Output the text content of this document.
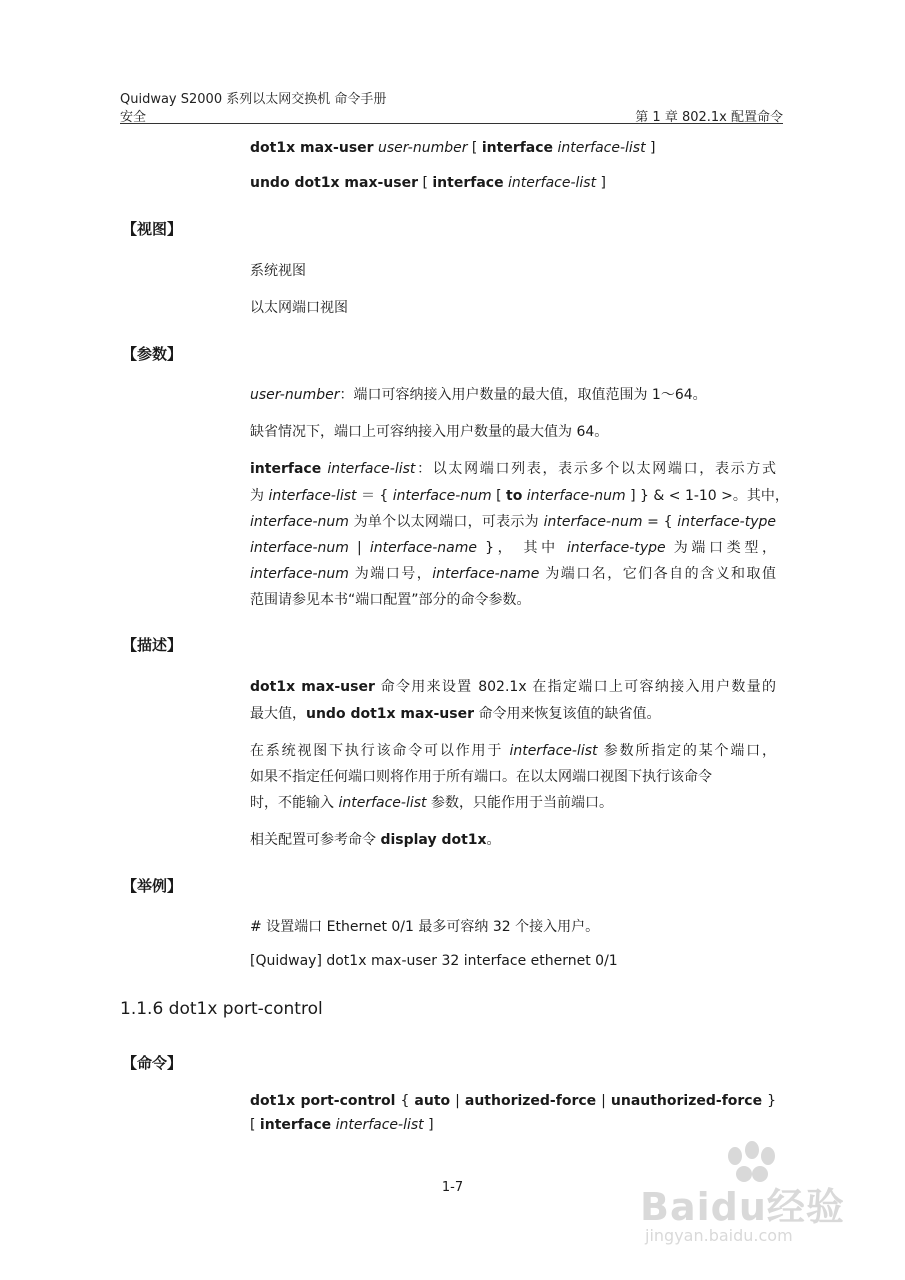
Quidway S2000 系列以太网交换机 命令手册
安全	第 1 章 802.1x 配置命令
dot1x max-user user-number [ interface interface-list ]
undo dot1x max-user [ interface interface-list ]
【视图】
系统视图
以太网端口视图
【参数】
user-number：端口可容纳接入用户数量的最大值，取值范围为 1～64。
缺省情况下，端口上可容纳接入用户数量的最大值为 64。
interface interface-list：以太网端口列表，表示多个以太网端口，表示方式
为 interface-list ＝ { interface-num [ to interface-num ] } & < 1-10 >。其中，
interface-num 为单个以太网端口，可表示为 interface-num = { interface-type
interface-num | interface-name }， 其中 interface-type 为端口类型，
interface-num 为端口号，interface-name 为端口名，它们各自的含义和取值
范围请参见本书“端口配置”部分的命令参数。
【描述】
dot1x max-user 命令用来设置 802.1x 在指定端口上可容纳接入用户数量的
最大值，undo dot1x max-user 命令用来恢复该值的缺省值。
在系统视图下执行该命令可以作用于 interface-list 参数所指定的某个端口，
如果不指定任何端口则将作用于所有端口。在以太网端口视图下执行该命令
时，不能输入 interface-list 参数，只能作用于当前端口。
相关配置可参考命令 display dot1x。
【举例】
# 设置端口 Ethernet 0/1 最多可容纳 32 个接入用户。
[Quidway] dot1x max-user 32 interface ethernet 0/1
1.1.6 dot1x port-control
【命令】
dot1x port-control { auto | authorized-force | unauthorized-force }
[ interface interface-list ]
1-7	Baidu经验
jingyan.baidu.com
